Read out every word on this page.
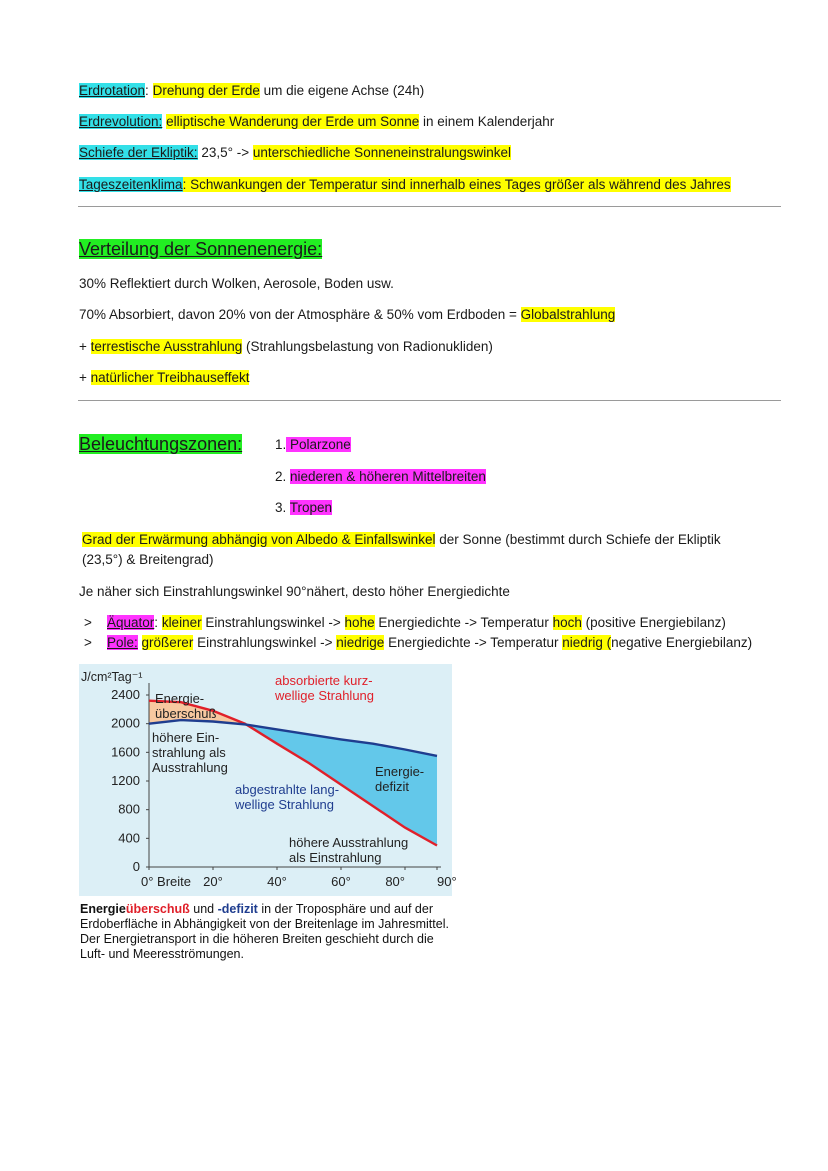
Erdrotation: Drehung der Erde um die eigene Achse (24h)
Erdrevolution: elliptische Wanderung der Erde um Sonne in einem Kalenderjahr
Schiefe der Ekliptik: 23,5° -> unterschiedliche Sonneneinstralungswinkel
Tageszeitenklima: Schwankungen der Temperatur sind innerhalb eines Tages größer als während des Jahres
Verteilung der Sonnenenergie:
30% Reflektiert durch Wolken, Aerosole, Boden usw.
70% Absorbiert, davon 20% von der Atmosphäre & 50% vom Erdboden = Globalstrahlung
+ terrestische Ausstrahlung (Strahlungsbelastung von Radionukliden)
+ natürlicher Treibhauseffekt
Beleuchtungszonen: 1. Polarzone
2. niederen & höheren Mittelbreiten
3. Tropen
Grad der Erwärmung abhängig von Albedo & Einfallswinkel der Sonne (bestimmt durch Schiefe der Ekliptik
(23,5°) & Breitengrad)
Je näher sich Einstrahlungswinkel 90°nähert, desto höher Energiedichte
> Äquator: kleiner Einstrahlungswinkel -> hohe Energiedichte -> Temperatur hoch (positive Energiebilanz)
> Pole: größerer Einstrahlungswinkel -> niedrige Energiedichte -> Temperatur niedrig (negative Energiebilanz)
0
400
800
1200
1600
2000
2400
J/cm²Tag⁻¹
0° Breite 20°	40°	60°	80° 90°
absorbierte kurz-
wellige Strahlung
Energie-
überschuß
höhere Ein-
strahlung als
Ausstrahlung	Energie-
defizit
abgestrahlte lang-
wellige Strahlung
höhere Ausstrahlung
als Einstrahlung
Energieüberschuß und -defizit in der Troposphäre und auf der Erdoberfläche in Abhängigkeit von der Breitenlage im Jahresmittel. Der Energietransport in die höheren Breiten geschieht durch die Luft- und Meeresströmungen.
